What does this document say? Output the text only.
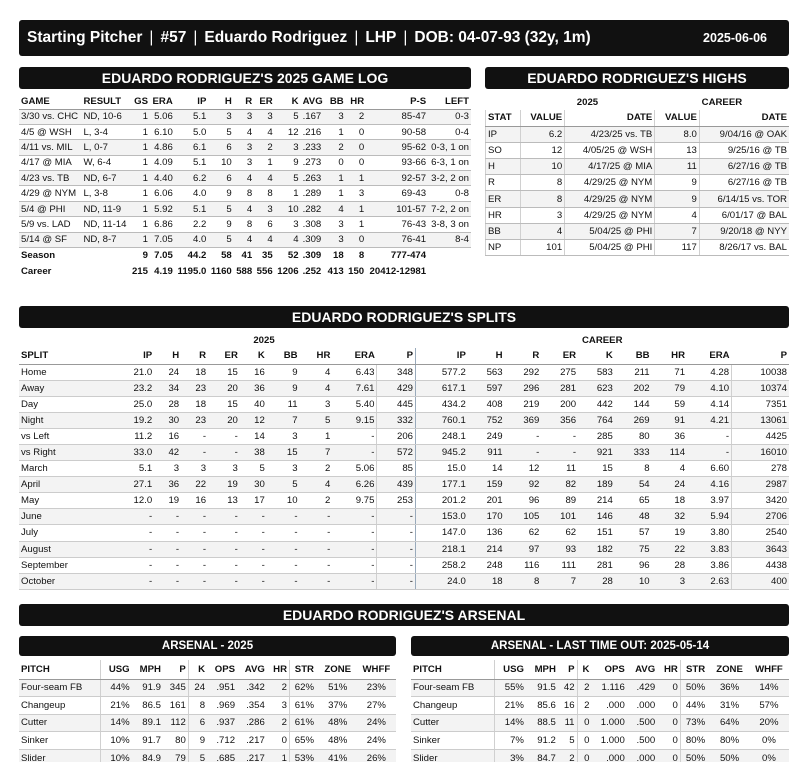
Starting Pitcher | #57 | Eduardo Rodriguez | LHP | DOB: 04-07-93 (32y, 1m)	2025-06-06
EDUARDO RODRIGUEZ'S 2025 GAME LOG
GAME	RESULT	GS	ERA	IP	H	R	ER	K	AVG	BB	HR	P-S	LEFT
3/30 vs. CHC	ND, 10-6	1	5.06	5.1	3	3	3	5	.167	3	2	85-47	0-3
4/5 @ WSH	L, 3-4	1	6.10	5.0	5	4	4	12	.216	1	0	90-58	0-4
4/11 vs. MIL	L, 0-7	1	4.86	6.1	6	3	2	3	.233	2	0	95-62	0-3, 1 on
4/17 @ MIA	W, 6-4	1	4.09	5.1	10	3	1	9	.273	0	0	93-66	6-3, 1 on
4/23 vs. TB	ND, 6-7	1	4.40	6.2	6	4	4	5	.263	1	1	92-57	3-2, 2 on
4/29 @ NYM	L, 3-8	1	6.06	4.0	9	8	8	1	.289	1	3	69-43	0-8
5/4 @ PHI	ND, 11-9	1	5.92	5.1	5	4	3	10	.282	4	1	101-57	7-2, 2 on
5/9 vs. LAD	ND, 11-14	1	6.86	2.2	9	8	6	3	.308	3	1	76-43	3-8, 3 on
5/14 @ SF	ND, 8-7	1	7.05	4.0	5	4	4	4	.309	3	0	76-41	8-4
Season		9	7.05	44.2	58	41	35	52	.309	18	8	777-474	
Career		215	4.19	1195.0	1160	588	556	1206	.252	413	150	20412-12981	
EDUARDO RODRIGUEZ'S HIGHS
	2025		CAREER	
STAT	VALUE	DATE	VALUE	DATE
IP	6.2	4/23/25 vs. TB	8.0	9/04/16 @ OAK
SO	12	4/05/25 @ WSH	13	9/25/16 @ TB
H	10	4/17/25 @ MIA	11	6/27/16 @ TB
R	8	4/29/25 @ NYM	9	6/27/16 @ TB
ER	8	4/29/25 @ NYM	9	6/14/15 vs. TOR
HR	3	4/29/25 @ NYM	4	6/01/17 @ BAL
BB	4	5/04/25 @ PHI	7	9/20/18 @ NYY
NP	101	5/04/25 @ PHI	117	8/26/17 vs. BAL
EDUARDO RODRIGUEZ'S SPLITS
	2025									CAREER								
SPLIT	IP	H	R	ER	K	BB	HR	ERA	P	IP	H	R	ER	K	BB	HR	ERA	P
Home	21.0	24	18	15	16	9	4	6.43	348	577.2	563	292	275	583	211	71	4.28	10038
Away	23.2	34	23	20	36	9	4	7.61	429	617.1	597	296	281	623	202	79	4.10	10374
Day	25.0	28	18	15	40	11	3	5.40	445	434.2	408	219	200	442	144	59	4.14	7351
Night	19.2	30	23	20	12	7	5	9.15	332	760.1	752	369	356	764	269	91	4.21	13061
vs Left	11.2	16	-	-	14	3	1	-	206	248.1	249	-	-	285	80	36	-	4425
vs Right	33.0	42	-	-	38	15	7	-	572	945.2	911	-	-	921	333	114	-	16010
March	5.1	3	3	3	5	3	2	5.06	85	15.0	14	12	11	15	8	4	6.60	278
April	27.1	36	22	19	30	5	4	6.26	439	177.1	159	92	82	189	54	24	4.16	2987
May	12.0	19	16	13	17	10	2	9.75	253	201.2	201	96	89	214	65	18	3.97	3420
June	-	-	-	-	-	-	-	-	-	153.0	170	105	101	146	48	32	5.94	2706
July	-	-	-	-	-	-	-	-	-	147.0	136	62	62	151	57	19	3.80	2540
August	-	-	-	-	-	-	-	-	-	218.1	214	97	93	182	75	22	3.83	3643
September	-	-	-	-	-	-	-	-	-	258.2	248	116	111	281	96	28	3.86	4438
October	-	-	-	-	-	-	-	-	-	24.0	18	8	7	28	10	3	2.63	400
EDUARDO RODRIGUEZ'S ARSENAL
ARSENAL - 2025	ARSENAL - LAST TIME OUT: 2025-05-14
PITCH	USG	MPH	P	K	OPS	AVG	HR	STR	ZONE	WHFF
Four-seam FB	44%	91.9	345	24	.951	.342	2	62%	51%	23%
Changeup	21%	86.5	161	8	.969	.354	3	61%	37%	27%
Cutter	14%	89.1	112	6	.937	.286	2	61%	48%	24%
Sinker	10%	91.7	80	9	.712	.217	0	65%	48%	24%
Slider	10%	84.9	79	5	.685	.217	1	53%	41%	26%
PITCH	USG	MPH	P	K	OPS	AVG	HR	STR	ZONE	WHFF
Four-seam FB	55%	91.5	42	2	1.116	.429	0	50%	36%	14%
Changeup	21%	85.6	16	2	.000	.000	0	44%	31%	57%
Cutter	14%	88.5	11	0	1.000	.500	0	73%	64%	20%
Sinker	7%	91.2	5	0	1.000	.500	0	80%	80%	0%
Slider	3%	84.7	2	0	.000	.000	0	50%	50%	0%
